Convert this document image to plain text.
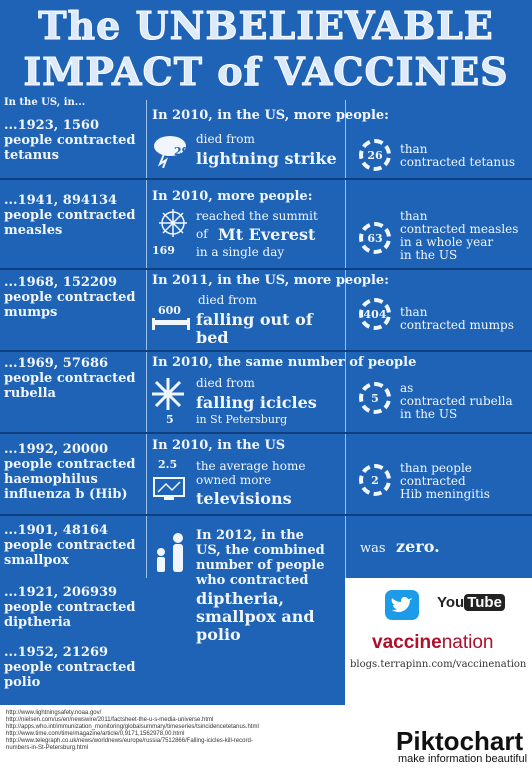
The UNBELIEVABLE
IMPACT of VACCINES
In the US, in...
...1923, 1560
people contracted
tetanus
In 2010, in the US, more people:
29
died from
lightning strike	26	than
contracted tetanus
...1941, 894134
people contracted
measles
In 2010, more people:
169
reached the summit
of Mt Everest
in a single day
63
than
contracted measles
in a whole year
in the US
...1968, 152209
people contracted
mumps
In 2011, in the US, more people:
600
died from
falling out of
bed
404	than
contracted mumps
...1969, 57686
people contracted
rubella
In 2010, the same number of people
5
died from
falling icicles
in St Petersburg
5
as
contracted rubella
in the US
...1992, 20000
people contracted
haemophilus
influenza b (Hib)
In 2010, in the US
2.5 the average home
owned more
televisions
2
than people
contracted
Hib meningitis
...1901, 48164
people contracted
smallpox
...1921, 206939
people contracted
diptheria
...1952, 21269
people contracted
polio
In 2012, in the
US, the combined
number of people
who contracted
diptheria,
smallpox and
polio
was zero.
You Tube
vaccinenation
blogs.terrapinn.com/vaccinenation
http://www.lightningsafety.noaa.gov/
http://nielsen.com/us/en/newswire/2011/factsheet-the-u-s-media-universe.html
http://apps.who.int/immunization_monitoring/globalsummary/timeseries/tsincidencetetanus.html
http://www.time.com/time/magazine/article/0,9171,1562978,00.html
http://www.telegraph.co.uk/news/worldnews/europe/russia/7512866/Falling-icicles-kill-record-
numbers-in-St-Petersburg.html	Piktochart
make information beautiful
